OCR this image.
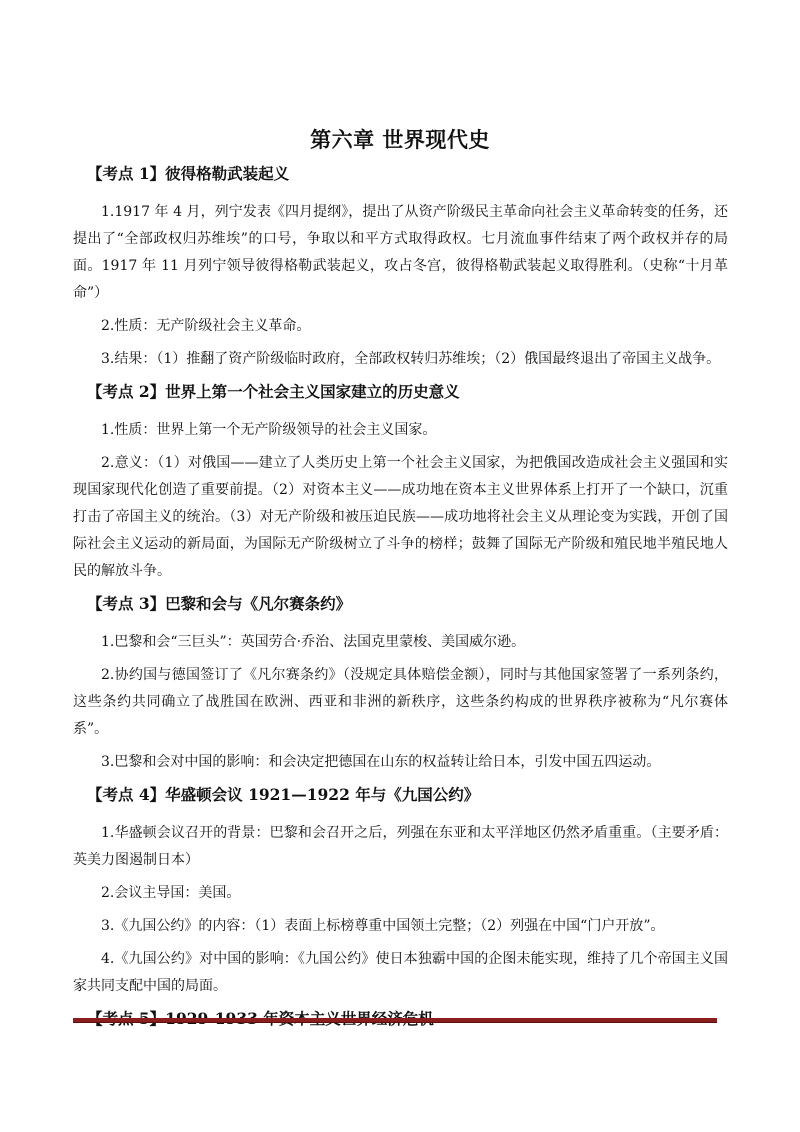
第六章 世界现代史
【考点 1】彼得格勒武装起义

1.1917 年 4 月，列宁发表《四月提纲》，提出了从资产阶级民主革命向社会主义革命转变的任务，还提出了“全部政权归苏维埃”的口号，争取以和平方式取得政权。七月流血事件结束了两个政权并存的局面。1917 年 11 月列宁领导彼得格勒武装起义，攻占冬宫，彼得格勒武装起义取得胜利。（史称“十月革命”）

2.性质：无产阶级社会主义革命。

3.结果：（1）推翻了资产阶级临时政府，全部政权转归苏维埃；（2）俄国最终退出了帝国主义战争。

【考点 2】世界上第一个社会主义国家建立的历史意义

1.性质：世界上第一个无产阶级领导的社会主义国家。

2.意义：（1）对俄国——建立了人类历史上第一个社会主义国家，为把俄国改造成社会主义强国和实现国家现代化创造了重要前提。（2）对资本主义——成功地在资本主义世界体系上打开了一个缺口，沉重打击了帝国主义的统治。（3）对无产阶级和被压迫民族——成功地将社会主义从理论变为实践，开创了国际社会主义运动的新局面，为国际无产阶级树立了斗争的榜样；鼓舞了国际无产阶级和殖民地半殖民地人民的解放斗争。

【考点 3】巴黎和会与《凡尔赛条约》

1.巴黎和会“三巨头”：英国劳合·乔治、法国克里蒙梭、美国威尔逊。

2.协约国与德国签订了《凡尔赛条约》（没规定具体赔偿金额），同时与其他国家签署了一系列条约，这些条约共同确立了战胜国在欧洲、西亚和非洲的新秩序，这些条约构成的世界秩序被称为“凡尔赛体系”。

3.巴黎和会对中国的影响：和会决定把德国在山东的权益转让给日本，引发中国五四运动。

【考点 4】华盛顿会议 1921—1922 年与《九国公约》

1.华盛顿会议召开的背景：巴黎和会召开之后，列强在东亚和太平洋地区仍然矛盾重重。（主要矛盾：英美力图遏制日本）

2.会议主导国：美国。

3.《九国公约》的内容：（1）表面上标榜尊重中国领土完整；（2）列强在中国“门户开放”。

4.《九国公约》对中国的影响：《九国公约》使日本独霸中国的企图未能实现，维持了几个帝国主义国家共同支配中国的局面。
